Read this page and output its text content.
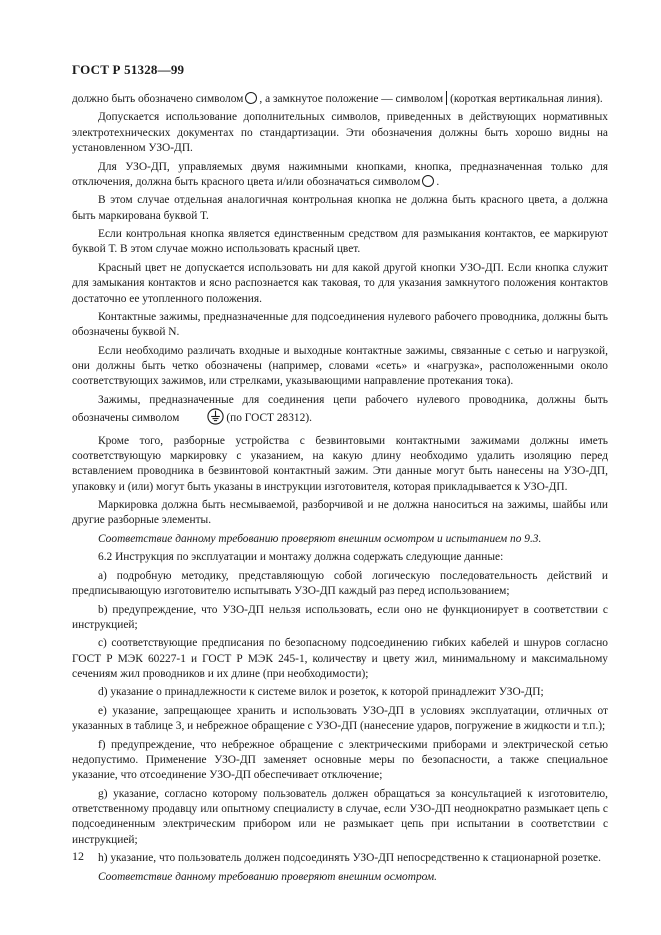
ГОСТ Р 51328—99

должно быть обозначено символом , а замкнутое положение — символом (короткая вертикальная линия).

Допускается использование дополнительных символов, приведенных в действующих нормативных электротехнических документах по стандартизации. Эти обозначения должны быть хорошо видны на установленном УЗО-ДП.

Для УЗО-ДП, управляемых двумя нажимными кнопками, кнопка, предназначенная только для отключения, должна быть красного цвета и/или обозначаться символом .

В этом случае отдельная аналогичная контрольная кнопка не должна быть красного цвета, а должна быть маркирована буквой Т.

Если контрольная кнопка является единственным средством для размыкания контактов, ее маркируют буквой Т. В этом случае можно использовать красный цвет.

Красный цвет не допускается использовать ни для какой другой кнопки УЗО-ДП. Если кнопка служит для замыкания контактов и ясно распознается как таковая, то для указания замкнутого положения контактов достаточно ее утопленного положения.

Контактные зажимы, предназначенные для подсоединения нулевого рабочего проводника, должны быть обозначены буквой N.

Если необходимо различать входные и выходные контактные зажимы, связанные с сетью и нагрузкой, они должны быть четко обозначены (например, словами «сеть» и «нагрузка», расположенными около соответствующих зажимов, или стрелками, указывающими направление протекания тока).

Зажимы, предназначенные для соединения цепи рабочего нулевого проводника, должны быть обозначены символом	(по ГОСТ 28312).

Кроме того, разборные устройства с безвинтовыми контактными зажимами должны иметь соответствующую маркировку с указанием, на какую длину необходимо удалить изоляцию перед вставлением проводника в безвинтовой контактный зажим. Эти данные могут быть нанесены на УЗО-ДП, упаковку и (или) могут быть указаны в инструкции изготовителя, которая прикладывается к УЗО-ДП.

Маркировка должна быть несмываемой, разборчивой и не должна наноситься на зажимы, шайбы или другие разборные элементы.

Соответствие данному требованию проверяют внешним осмотром и испытанием по 9.3.

6.2 Инструкция по эксплуатации и монтажу должна содержать следующие данные:

a) подробную методику, представляющую собой логическую последовательность действий и предписывающую изготовителю испытывать УЗО-ДП каждый раз перед использованием;

b) предупреждение, что УЗО-ДП нельзя использовать, если оно не функционирует в соответствии с инструкцией;

c) соответствующие предписания по безопасному подсоединению гибких кабелей и шнуров согласно ГОСТ Р МЭК 60227-1 и ГОСТ Р МЭК 245-1, количеству и цвету жил, минимальному и максимальному сечениям жил проводников и их длине (при необходимости);

d) указание о принадлежности к системе вилок и розеток, к которой принадлежит УЗО-ДП;

e) указание, запрещающее хранить и использовать УЗО-ДП в условиях эксплуатации, отличных от указанных в таблице 3, и небрежное обращение с УЗО-ДП (нанесение ударов, погружение в жидкости и т.п.);

f) предупреждение, что небрежное обращение с электрическими приборами и электрической сетью недопустимо. Применение УЗО-ДП заменяет основные меры по безопасности, а также специальное указание, что отсоединение УЗО-ДП обеспечивает отключение;

g) указание, согласно которому пользователь должен обращаться за консультацией к изготовителю, ответственному продавцу или опытному специалисту в случае, если УЗО-ДП неоднократно размыкает цепь с подсоединенным электрическим прибором или не размыкает цепь при испытании в соответствии с инструкцией;

h) указание, что пользователь должен подсоединять УЗО-ДП непосредственно к стационарной розетке.

Соответствие данному требованию проверяют внешним осмотром.

12
